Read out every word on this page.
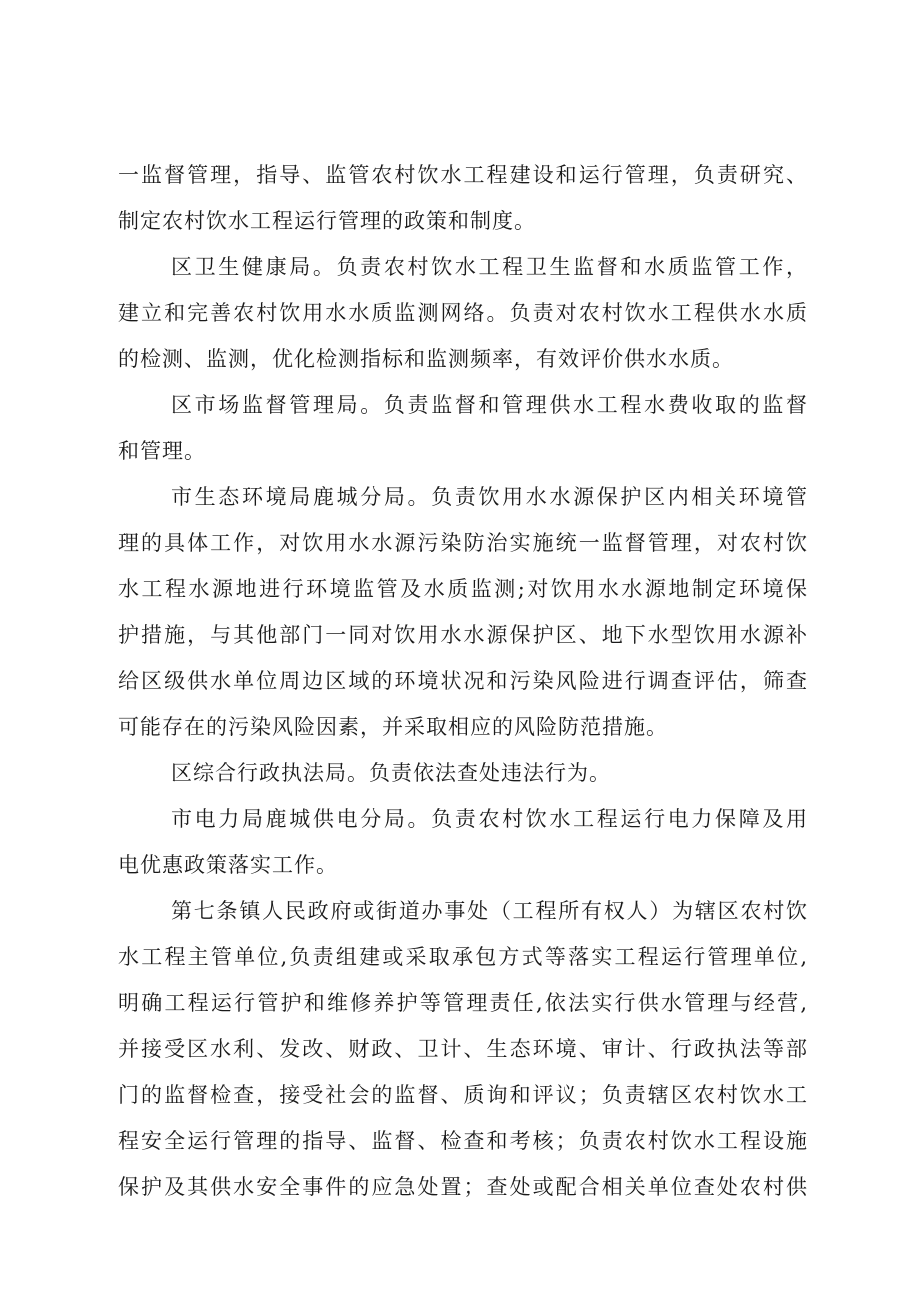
一监督管理，指导、监管农村饮水工程建设和运行管理，负责研究、
制定农村饮水工程运行管理的政策和制度。
区卫生健康局。负责农村饮水工程卫生监督和水质监管工作，
建立和完善农村饮用水水质监测网络。负责对农村饮水工程供水水质
的检测、监测，优化检测指标和监测频率，有效评价供水水质。
区市场监督管理局。负责监督和管理供水工程水费收取的监督
和管理。
市生态环境局鹿城分局。负责饮用水水源保护区内相关环境管
理的具体工作，对饮用水水源污染防治实施统一监督管理，对农村饮
水工程水源地进行环境监管及水质监测;对饮用水水源地制定环境保
护措施，与其他部门一同对饮用水水源保护区、地下水型饮用水源补
给区级供水单位周边区域的环境状况和污染风险进行调查评估，筛查
可能存在的污染风险因素，并采取相应的风险防范措施。
区综合行政执法局。负责依法查处违法行为。
市电力局鹿城供电分局。负责农村饮水工程运行电力保障及用
电优惠政策落实工作。
第七条镇人民政府或街道办事处（工程所有权人）为辖区农村饮
水工程主管单位,负责组建或采取承包方式等落实工程运行管理单位,
明确工程运行管护和维修养护等管理责任,依法实行供水管理与经营,
并接受区水利、发改、财政、卫计、生态环境、审计、行政执法等部
门的监督检查，接受社会的监督、质询和评议；负责辖区农村饮水工
程安全运行管理的指导、监督、检查和考核；负责农村饮水工程设施
保护及其供水安全事件的应急处置；查处或配合相关单位查处农村供
